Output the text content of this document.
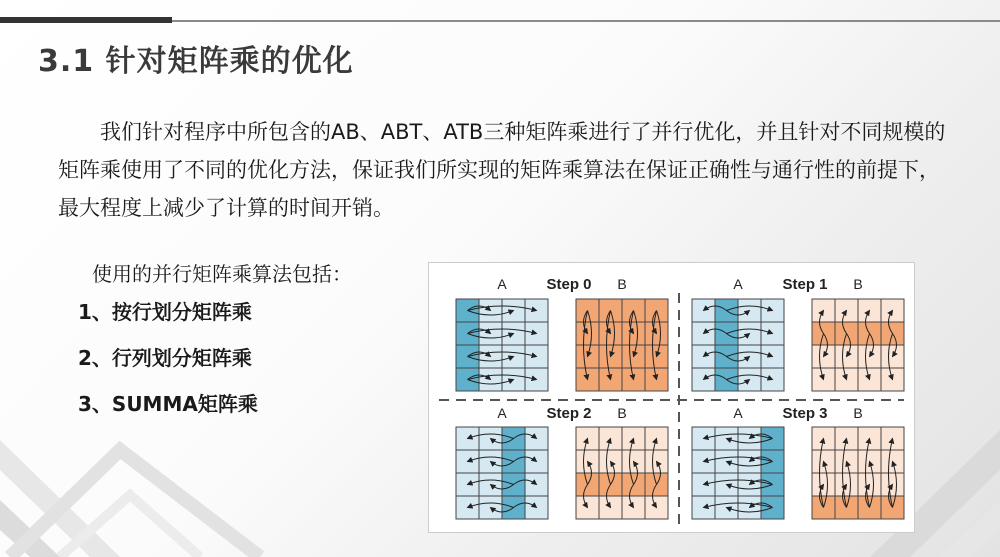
3.1 针对矩阵乘的优化

我们针对程序中所包含的AB、ABT、ATB三种矩阵乘进行了并行优化，并且针对不同规模的矩阵乘使用了不同的优化方法，保证我们所实现的矩阵乘算法在保证正确性与通行性的前提下，最大程度上减少了计算的时间开销。

使用的并行矩阵乘算法包括：

1、按行划分矩阵乘
2、行列划分矩阵乘
3、SUMMA矩阵乘
A	Step 0 B	A	Step 1 B
A	Step 2 B	A	Step 3 B
